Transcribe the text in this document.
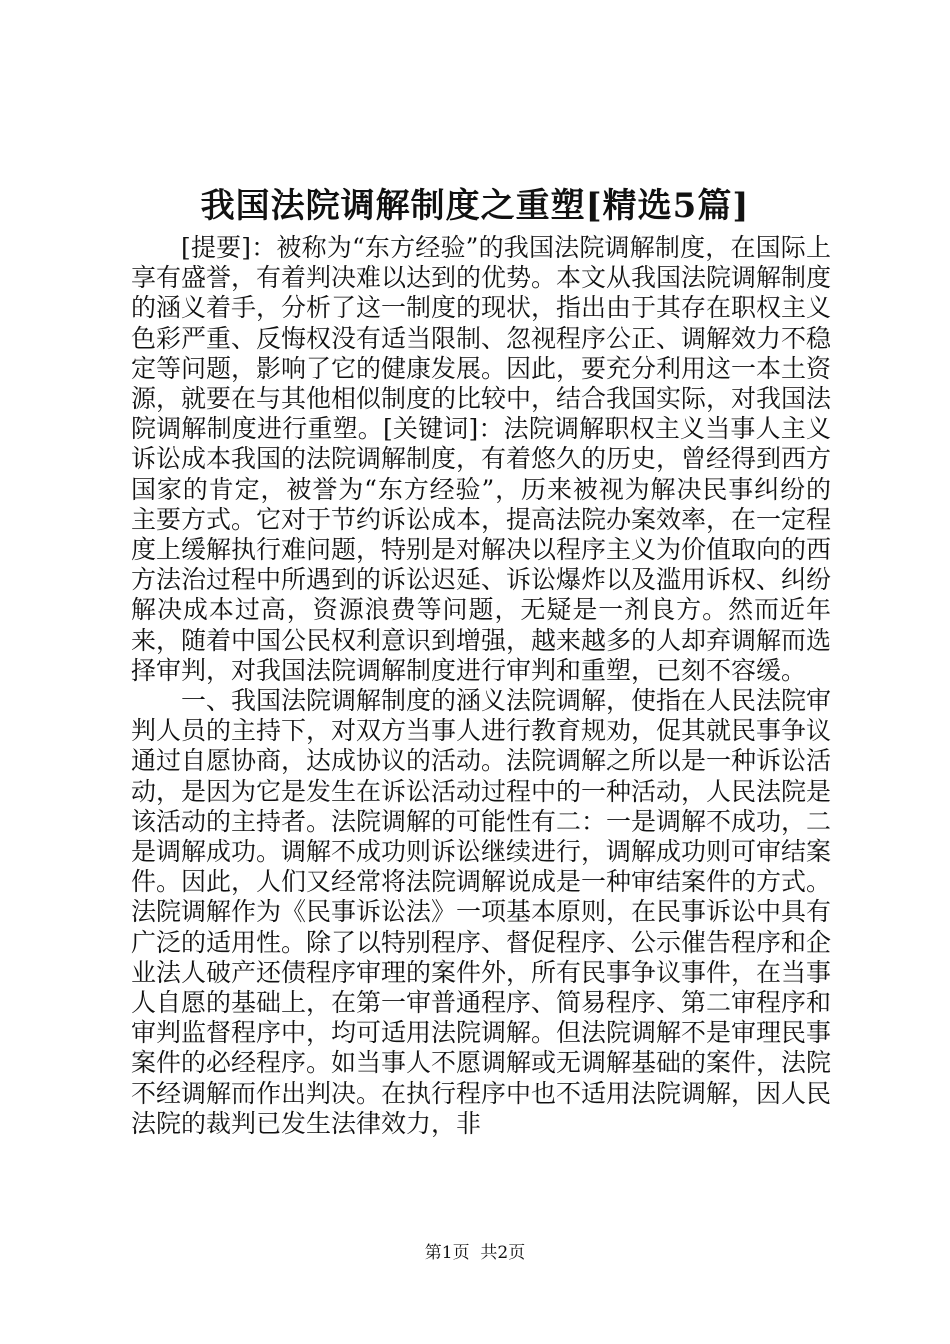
我国法院调解制度之重塑[精选5篇]

[提要]：被称为“东方经验”的我国法院调解制度，在国际上享有盛誉，有着判决难以达到的优势。本文从我国法院调解制度的涵义着手，分析了这一制度的现状，指出由于其存在职权主义色彩严重、反悔权没有适当限制、忽视程序公正、调解效力不稳定等问题，影响了它的健康发展。因此，要充分利用这一本土资源，就要在与其他相似制度的比较中，结合我国实际，对我国法院调解制度进行重塑。[关键词]：法院调解职权主义当事人主义诉讼成本我国的法院调解制度，有着悠久的历史，曾经得到西方国家的肯定，被誉为“东方经验”，历来被视为解决民事纠纷的主要方式。它对于节约诉讼成本，提高法院办案效率，在一定程度上缓解执行难问题，特别是对解决以程序主义为价值取向的西方法治过程中所遇到的诉讼迟延、诉讼爆炸以及滥用诉权、纠纷解决成本过高，资源浪费等问题，无疑是一剂良方。然而近年来，随着中国公民权利意识到增强，越来越多的人却弃调解而选择审判，对我国法院调解制度进行审判和重塑，已刻不容缓。

一、我国法院调解制度的涵义法院调解，使指在人民法院审判人员的主持下，对双方当事人进行教育规劝，促其就民事争议通过自愿协商，达成协议的活动。法院调解之所以是一种诉讼活动，是因为它是发生在诉讼活动过程中的一种活动，人民法院是该活动的主持者。法院调解的可能性有二：一是调解不成功，二是调解成功。调解不成功则诉讼继续进行，调解成功则可审结案件。因此，人们又经常将法院调解说成是一种审结案件的方式。法院调解作为《民事诉讼法》一项基本原则，在民事诉讼中具有广泛的适用性。除了以特别程序、督促程序、公示催告程序和企业法人破产还债程序审理的案件外，所有民事争议事件，在当事人自愿的基础上，在第一审普通程序、简易程序、第二审程序和审判监督程序中，均可适用法院调解。但法院调解不是审理民事案件的必经程序。如当事人不愿调解或无调解基础的案件，法院不经调解而作出判决。在执行程序中也不适用法院调解，因人民法院的裁判已发生法律效力，非

第1页 共2页
